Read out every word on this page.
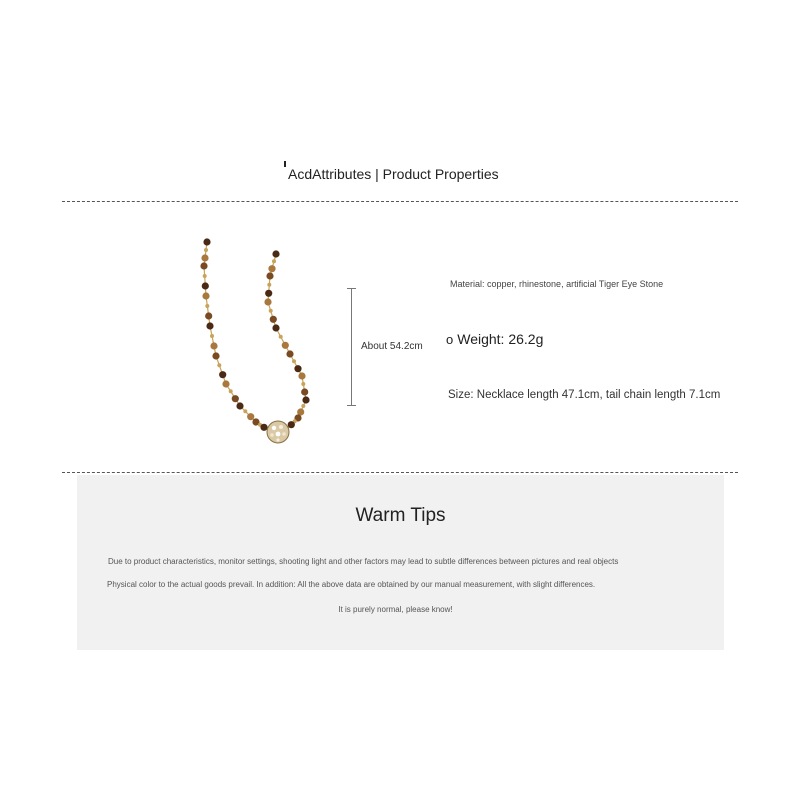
AcdAttributes | Product Properties
About 54.2cm
Material: copper, rhinestone, artificial Tiger Eye Stone
o Weight: 26.2g
Size: Necklace length 47.1cm, tail chain length 7.1cm
Warm Tips
Due to product characteristics, monitor settings, shooting light and other factors may lead to subtle differences between pictures and real objects
Physical color to the actual goods prevail. In addition: All the above data are obtained by our manual measurement, with slight differences.
It is purely normal, please know!
